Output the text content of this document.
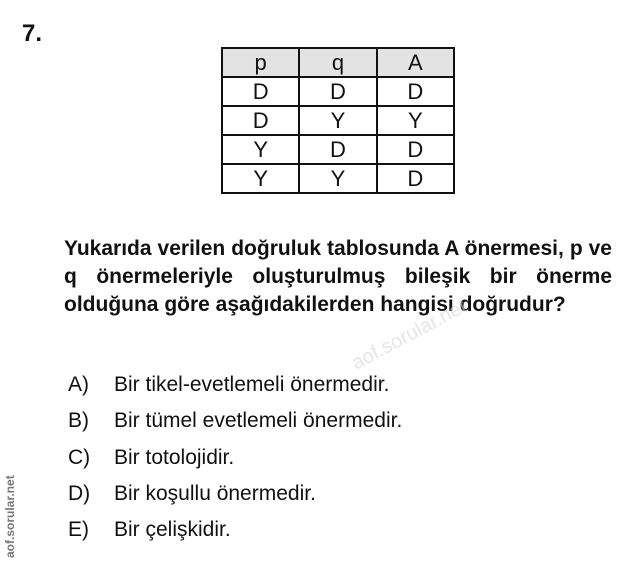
7.
p	q	A
D	D	D
D	Y	Y
Y	D	D
Y	Y	D
Yukarıda verilen doğruluk tablosunda A önermesi, p ve q önermeleriyle oluşturulmuş bileşik bir önerme olduğuna göre aşağıdakilerden hangisi doğrudur?
A) Bir tikel-evetlemeli önermedir.
B) Bir tümel evetlemeli önermedir.
C) Bir totolojidir.
D) Bir koşullu önermedir.
E) Bir çelişkidir.
aof.sorular.net
aof.sorular.net
